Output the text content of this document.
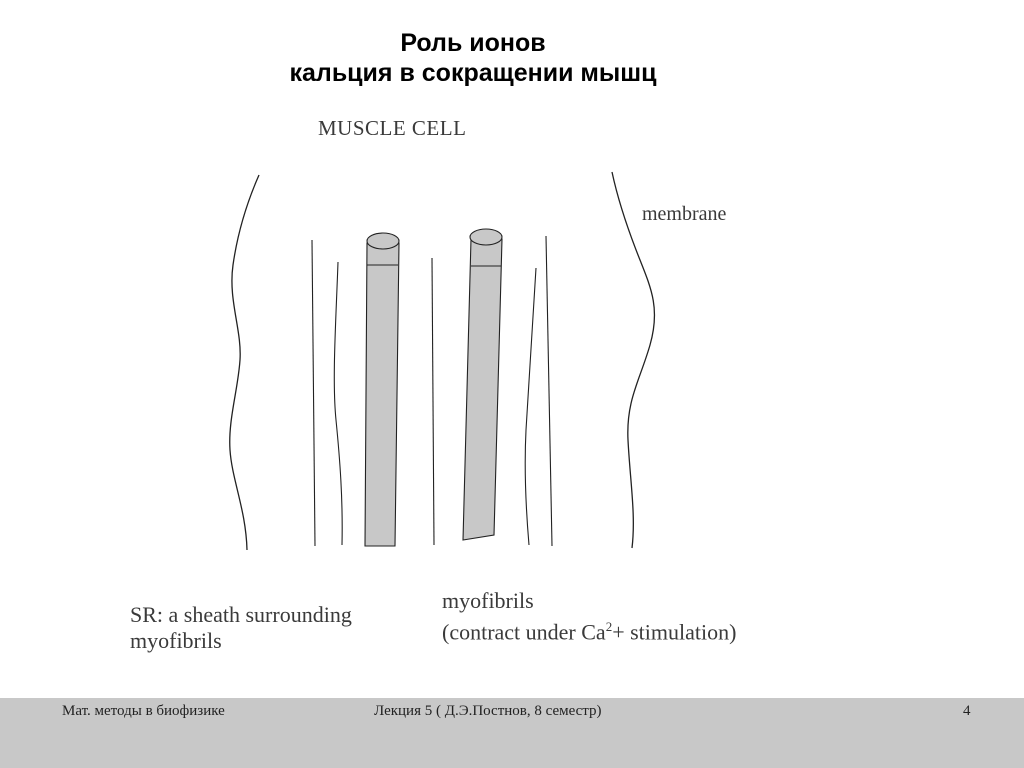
Роль ионов
кальция в сокращении мышц
MUSCLE CELL
membrane
SR: a sheath surrounding
myofibrils
myofibrils
(contract under $Ca^2+$ stimulation)
Мат. методы в биофизике	Лекция 5 ( Д.Э.Постнов, 8 семестр)	4
